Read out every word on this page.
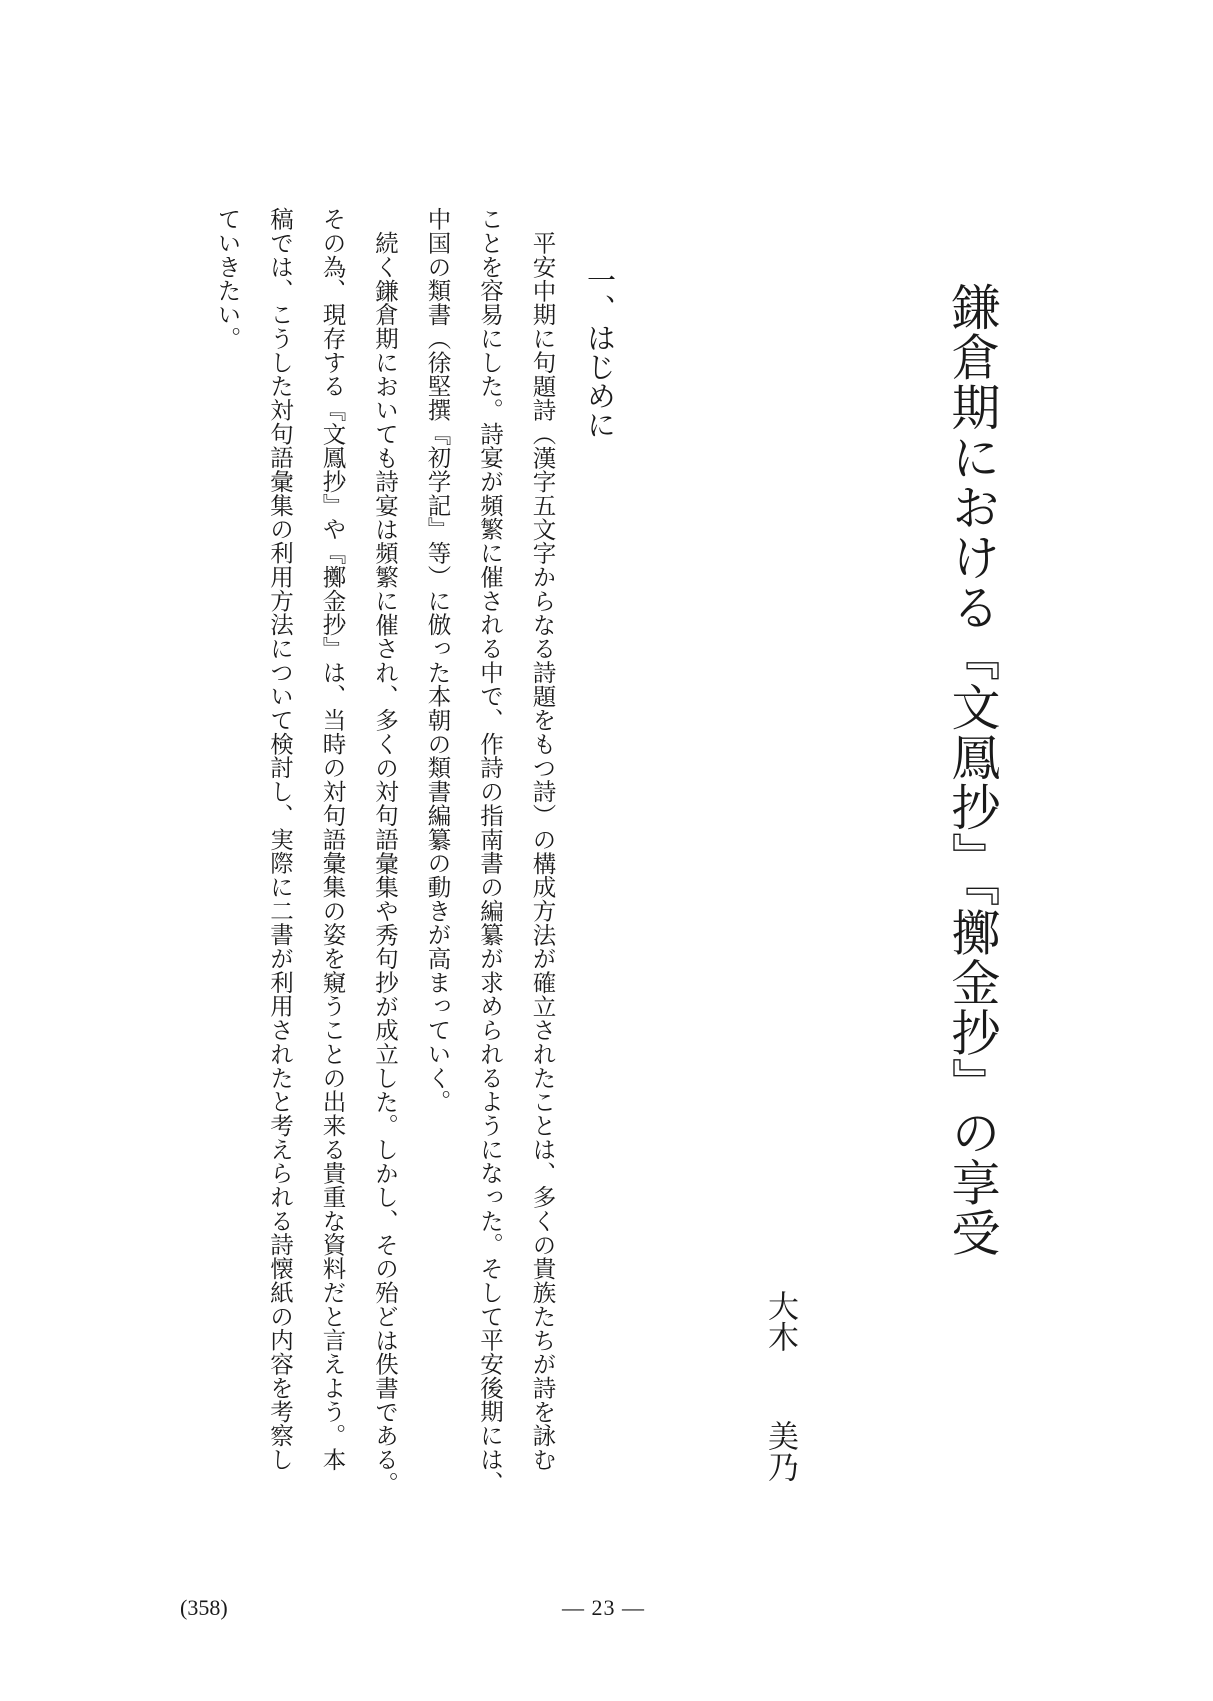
鎌倉期における『文鳳抄』『擲金抄』の享受
大木美乃
一、はじめに
平安中期に句題詩（漢字五文字からなる詩題をもつ詩）の構成方法が確立されたことは、多くの貴族たちが詩を詠む
ことを容易にした。詩宴が頻繁に催される中で、作詩の指南書の編纂が求められるようになった。そして平安後期には、
中国の類書（徐堅撰『初学記』等）に倣った本朝の類書編纂の動きが高まっていく。
続く鎌倉期においても詩宴は頻繁に催され、多くの対句語彙集や秀句抄が成立した。しかし、その殆どは佚書である。
その為、現存する『文鳳抄』や『擲金抄』は、当時の対句語彙集の姿を窺うことの出来る貴重な資料だと言えよう。本
稿では、こうした対句語彙集の利用方法について検討し、実際に二書が利用されたと考えられる詩懐紙の内容を考察し
ていきたい。
(358)	— 23 —
